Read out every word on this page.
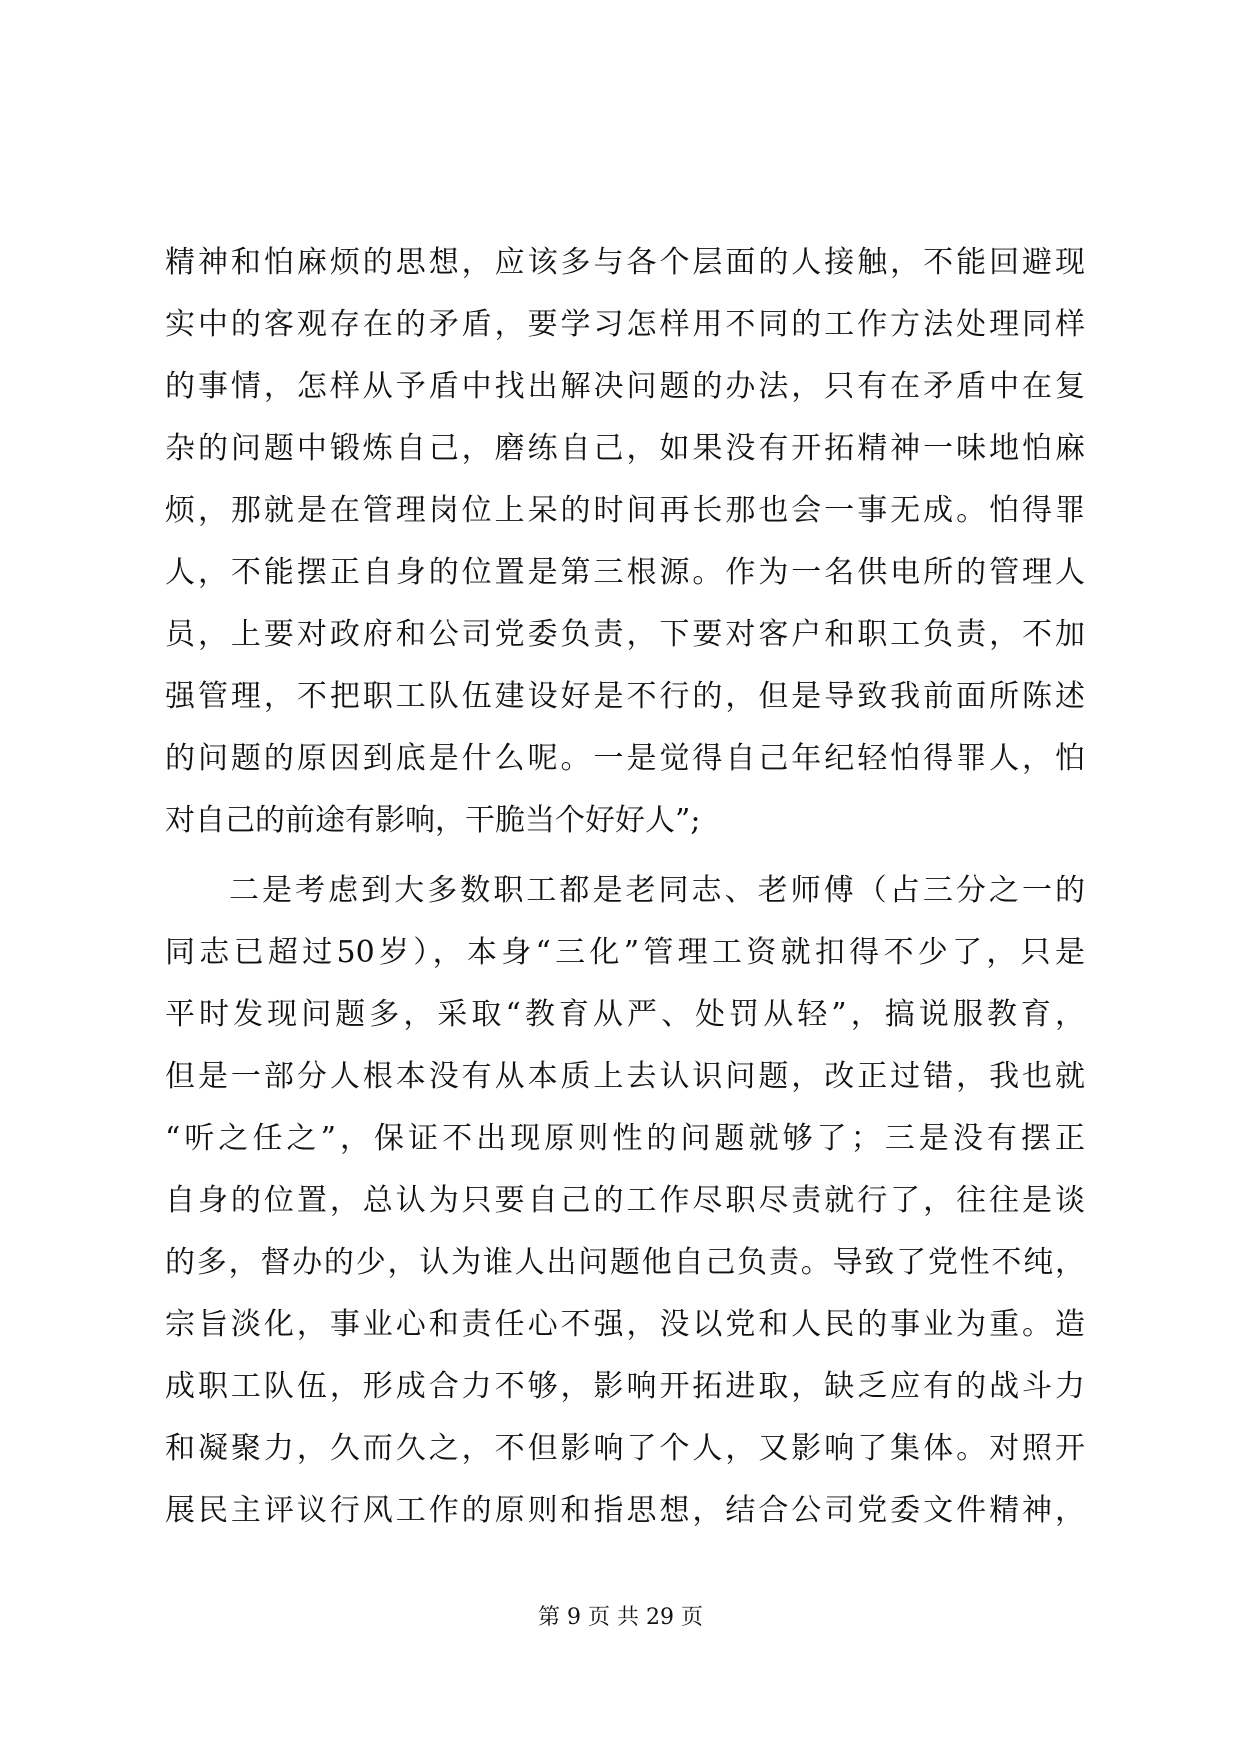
精神和怕麻烦的思想，应该多与各个层面的人接触，不能回避现
实中的客观存在的矛盾，要学习怎样用不同的工作方法处理同样
的事情，怎样从予盾中找出解决问题的办法，只有在矛盾中在复
杂的问题中锻炼自己，磨练自己，如果没有开拓精神一味地怕麻
烦，那就是在管理岗位上呆的时间再长那也会一事无成。怕得罪
人，不能摆正自身的位置是第三根源。作为一名供电所的管理人
员，上要对政府和公司党委负责，下要对客户和职工负责，不加
强管理，不把职工队伍建设好是不行的，但是导致我前面所陈述
的问题的原因到底是什么呢。一是觉得自己年纪轻怕得罪人，怕
对自己的前途有影响，干脆当个好好人”;
二是考虑到大多数职工都是老同志、老师傅（占三分之一的
同志已超过50岁），本身“三化”管理工资就扣得不少了，只是
平时发现问题多，采取“教育从严、处罚从轻”，搞说服教育，
但是一部分人根本没有从本质上去认识问题，改正过错，我也就
“听之任之”，保证不出现原则性的问题就够了；三是没有摆正
自身的位置，总认为只要自己的工作尽职尽责就行了，往往是谈
的多，督办的少，认为谁人出问题他自己负责。导致了党性不纯，
宗旨淡化，事业心和责任心不强，没以党和人民的事业为重。造
成职工队伍，形成合力不够，影响开拓进取，缺乏应有的战斗力
和凝聚力，久而久之，不但影响了个人，又影响了集体。对照开
展民主评议行风工作的原则和指思想，结合公司党委文件精神，
第 9 页 共 29 页
